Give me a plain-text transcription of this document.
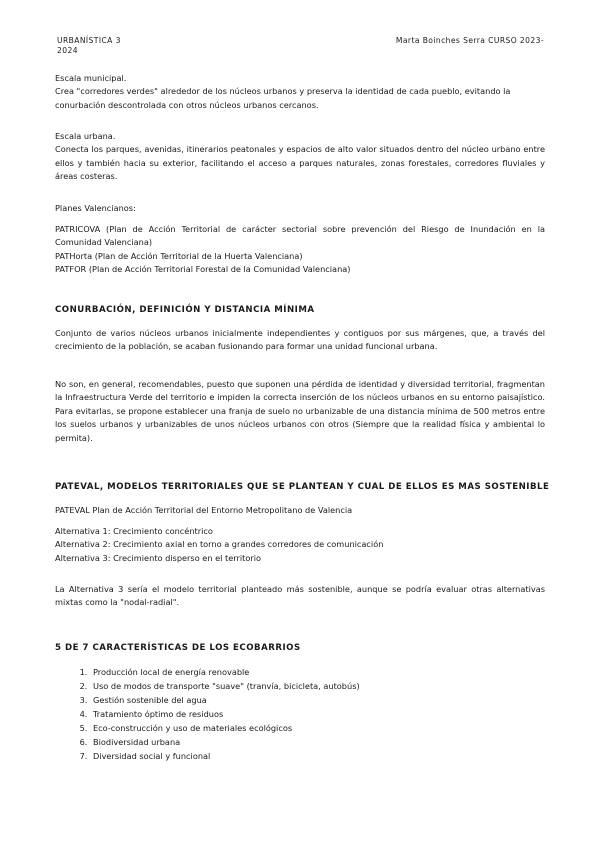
URBANÍSTICA 3
2024
Marta Boinches Serra CURSO 2023-

Escala municipal.

Crea "corredores verdes" alrededor de los núcleos urbanos y preserva la identidad de cada pueblo, evitando la conurbación descontrolada con otros núcleos urbanos cercanos.

Escala urbana.

Conecta los parques, avenidas, itinerarios peatonales y espacios de alto valor situados dentro del núcleo urbano entre ellos y también hacia su exterior, facilitando el acceso a parques naturales, zonas forestales, corredores fluviales y áreas costeras.

Planes Valencianos:

PATRICOVA (Plan de Acción Territorial de carácter sectorial sobre prevención del Riesgo de Inundación en la Comunidad Valenciana)

PATHorta (Plan de Acción Territorial de la Huerta Valenciana)

PATFOR (Plan de Acción Territorial Forestal de la Comunidad Valenciana)

CONURBACIÓN, DEFINICIÓN Y DISTANCIA MÍNIMA
Conjunto de varios núcleos urbanos inicialmente independientes y contiguos por sus márgenes, que, a través del crecimiento de la población, se acaban fusionando para formar una unidad funcional urbana.
No son, en general, recomendables, puesto que suponen una pérdida de identidad y diversidad territorial, fragmentan la Infraestructura Verde del territorio e impiden la correcta inserción de los núcleos urbanos en su entorno paisajístico. Para evitarlas, se propone establecer una franja de suelo no urbanizable de una distancia mínima de 500 metros entre los suelos urbanos y urbanizables de unos núcleos urbanos con otros (Siempre que la realidad física y ambiental lo permita).
PATEVAL, MODELOS TERRITORIALES QUE SE PLANTEAN Y CUAL DE ELLOS ES MAS SOSTENIBLE
PATEVAL Plan de Acción Territorial del Entorno Metropolitano de Valencia

Alternativa 1: Crecimiento concéntrico

Alternativa 2: Crecimiento axial en torno a grandes corredores de comunicación

Alternativa 3: Crecimiento disperso en el territorio

La Alternativa 3 sería el modelo territorial planteado más sostenible, aunque se podría evaluar otras alternativas mixtas como la "nodal-radial".
5 DE 7 CARACTERÍSTICAS DE LOS ECOBARRIOS
1. Producción local de energía renovable
2. Uso de modos de transporte "suave" (tranvía, bicicleta, autobús)
3. Gestión sostenible del agua
4. Tratamiento óptimo de residuos
5. Eco-construcción y uso de materiales ecológicos
6. Biodiversidad urbana
7. Diversidad social y funcional
